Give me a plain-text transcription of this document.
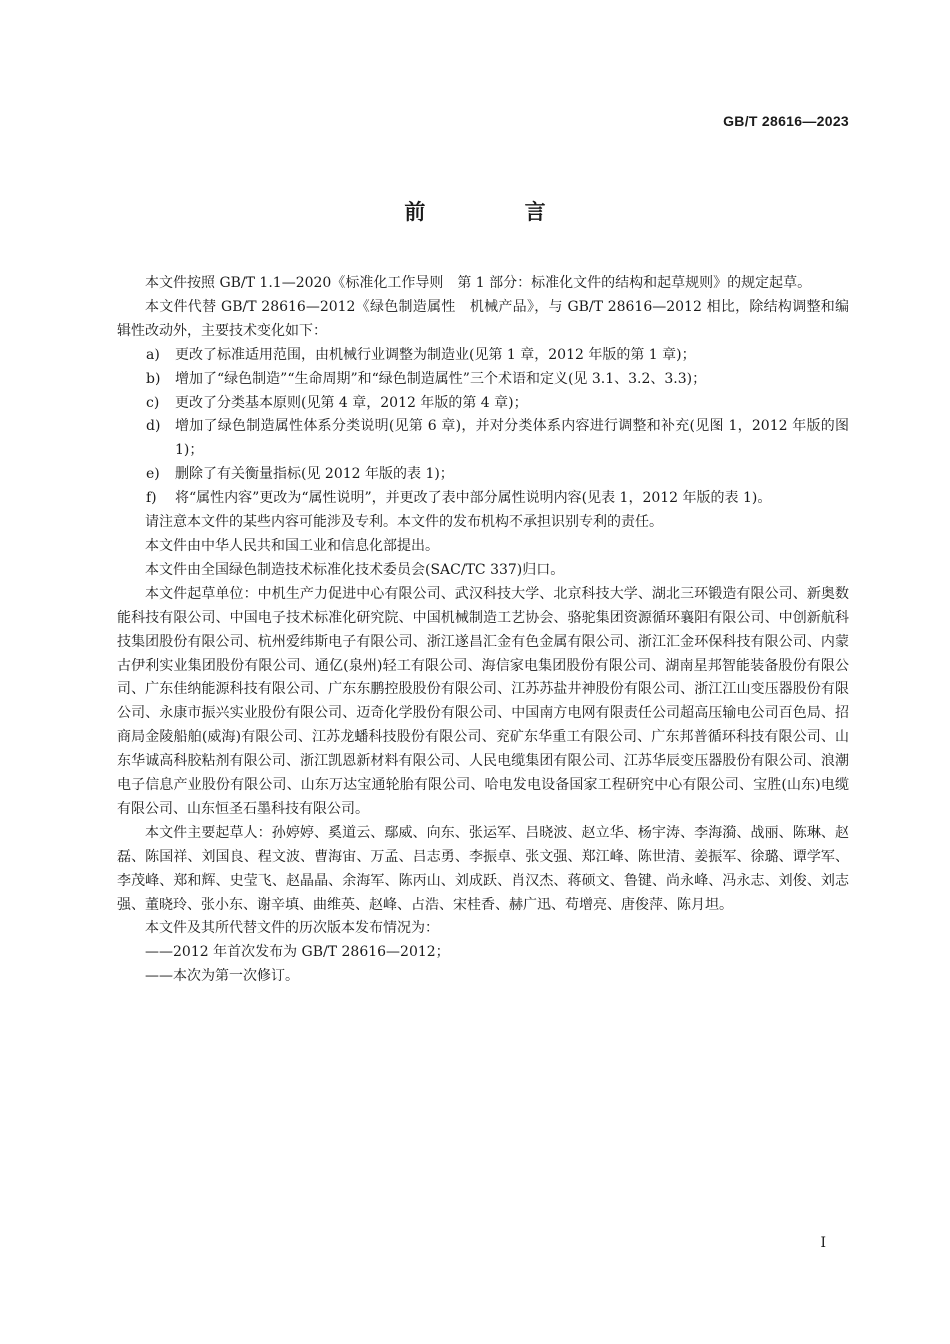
GB/T 28616—2023
前 言

本文件按照 GB/T 1.1—2020《标准化工作导则　第 1 部分：标准化文件的结构和起草规则》的规定起草。

本文件代替 GB/T 28616—2012《绿色制造属性　机械产品》，与 GB/T 28616—2012 相比，除结构调整和编辑性改动外，主要技术变化如下：

a)	更改了标准适用范围，由机械行业调整为制造业(见第 1 章，2012 年版的第 1 章)；
b)	增加了“绿色制造”“生命周期”和“绿色制造属性”三个术语和定义(见 3.1、3.2、3.3)；
c)	更改了分类基本原则(见第 4 章，2012 年版的第 4 章)；
d)	增加了绿色制造属性体系分类说明(见第 6 章)，并对分类体系内容进行调整和补充(见图 1，2012 年版的图 1)；
e)	删除了有关衡量指标(见 2012 年版的表 1)；
f)	将“属性内容”更改为“属性说明”，并更改了表中部分属性说明内容(见表 1，2012 年版的表 1)。

请注意本文件的某些内容可能涉及专利。本文件的发布机构不承担识别专利的责任。

本文件由中华人民共和国工业和信息化部提出。

本文件由全国绿色制造技术标准化技术委员会(SAC/TC 337)归口。

本文件起草单位：中机生产力促进中心有限公司、武汉科技大学、北京科技大学、湖北三环锻造有限公司、新奥数能科技有限公司、中国电子技术标准化研究院、中国机械制造工艺协会、骆驼集团资源循环襄阳有限公司、中创新航科技集团股份有限公司、杭州爱纬斯电子有限公司、浙江遂昌汇金有色金属有限公司、浙江汇金环保科技有限公司、内蒙古伊利实业集团股份有限公司、通亿(泉州)轻工有限公司、海信家电集团股份有限公司、湖南星邦智能装备股份有限公司、广东佳纳能源科技有限公司、广东东鹏控股股份有限公司、江苏苏盐井神股份有限公司、浙江江山变压器股份有限公司、永康市振兴实业股份有限公司、迈奇化学股份有限公司、中国南方电网有限责任公司超高压输电公司百色局、招商局金陵船舶(威海)有限公司、江苏龙蟠科技股份有限公司、兖矿东华重工有限公司、广东邦普循环科技有限公司、山东华诚高科胶粘剂有限公司、浙江凯恩新材料有限公司、人民电缆集团有限公司、江苏华辰变压器股份有限公司、浪潮电子信息产业股份有限公司、山东万达宝通轮胎有限公司、哈电发电设备国家工程研究中心有限公司、宝胜(山东)电缆有限公司、山东恒圣石墨科技有限公司。

本文件主要起草人：孙婷婷、奚道云、鄢威、向东、张运军、吕晓波、赵立华、杨宇涛、李海漪、战丽、陈琳、赵磊、陈国祥、刘国良、程文波、曹海宙、万孟、吕志勇、李振卓、张文强、郑江峰、陈世清、姜振军、徐璐、谭学军、李茂峰、郑和辉、史莹飞、赵晶晶、余海军、陈丙山、刘成跃、肖汉杰、蒋硕文、鲁键、尚永峰、冯永志、刘俊、刘志强、董晓玲、张小东、谢辛填、曲维英、赵峰、占浩、宋桂香、赫广迅、苟增亮、唐俊萍、陈月坦。

本文件及其所代替文件的历次版本发布情况为：

——2012 年首次发布为 GB/T 28616—2012；

——本次为第一次修订。

I
